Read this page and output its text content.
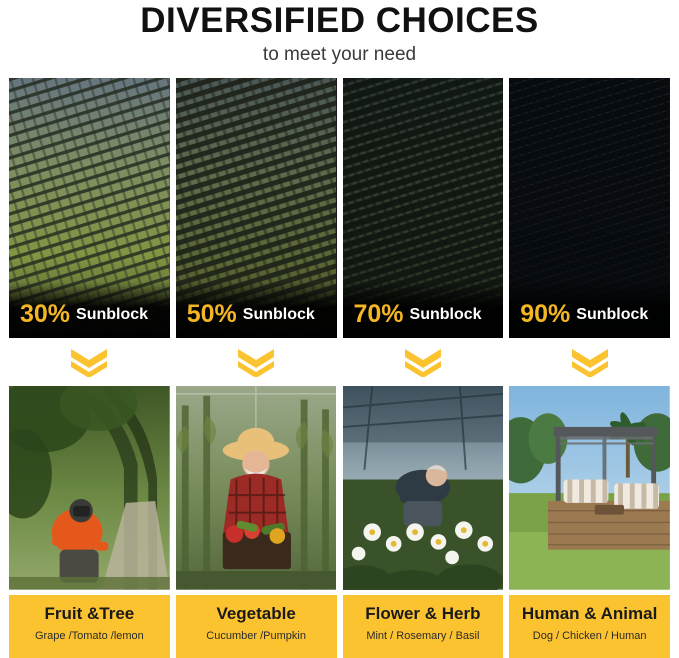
DIVERSIFIED CHOICES
to meet your need
30% Sunblock 50% Sunblock 70% Sunblock 90% Sunblock
Fruit &Tree
Grape /Tomato /lemon
Vegetable
Cucumber /Pumpkin
Flower & Herb
Mint / Rosemary / Basil
Human & Animal
Dog / Chicken / Human
